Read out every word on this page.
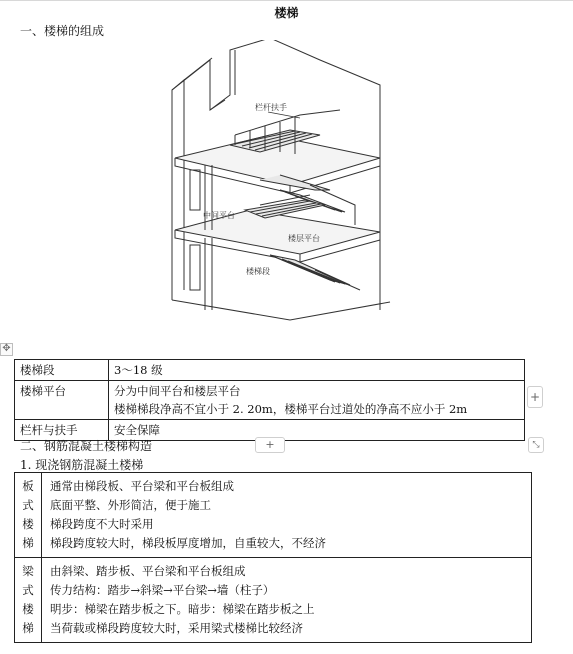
楼梯
一、楼梯的组成
栏杆扶手
中间平台
楼层平台
楼梯段
✥
楼梯段	3～18 级

楼梯平台	分为中间平台和楼层平台
楼梯梯段净高不宜小于 2. 20m，楼梯平台过道处的净高不应小于 2m

栏杆与扶手	安全保障
+
二、钢筋混凝土楼梯构造	+	⤡
1. 现浇钢筋混凝土楼梯
板
式
楼
梯	通常由梯段板、平台梁和平台板组成
底面平整、外形简洁，便于施工
梯段跨度不大时采用
梯段跨度较大时，梯段板厚度增加，自重较大，不经济

梁
式
楼
梯	由斜梁、踏步板、平台梁和平台板组成
传力结构：踏步→斜梁→平台梁→墙（柱子）
明步：梯梁在踏步板之下。暗步：梯梁在踏步板之上
当荷载或梯段跨度较大时，采用梁式楼梯比较经济
